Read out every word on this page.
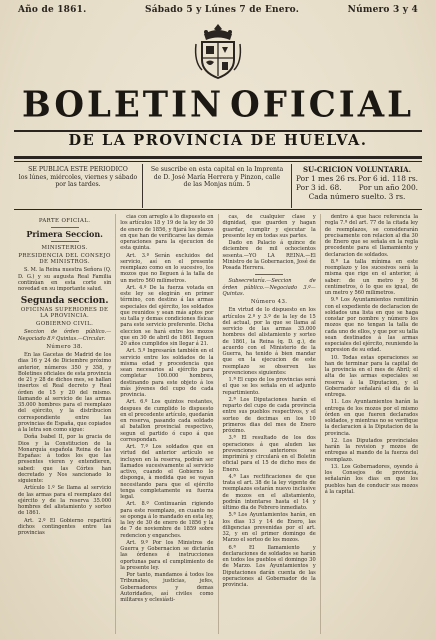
Año de 1861.	Sábado 5 y Lúnes 7 de Enero.	Número 3 y 4
BOLETIN OFICIAL
DE LA PROVINCIA DE HUELVA.
SE PUBLICA ESTE PERIODICO
los lúnes, miércoles, viernes y sábado
por las tardes.
Se suscribe en esta capital en la Imprenta
de D. José María Herrera y Pinzon, calle
de las Monjas núm. 5
SU-CRICION VOLUNTARIA.
Por 1 mes 26 rs. Por 6 id. 118 rs.
Por 3 id. 68. Por un año 200.
Cada número suelto. 3 rs.
PARTE OFICIAL.
Primera Seccion.
MINISTERIOS.
PRESIDENCIA DEL CONSEJO DE MINISTROS.

S. M. la Reina nuestra Señora (Q. D. G.) y su augusta Real Familia continúan en esta corte sin novedad en su importante salud.

Segunda seccion.
OFICINAS SUPERIORES DE LA PROVINCIA.
GOBIERNO CIVIL.

Seccion de órden público.—Negociado 8.º Quintas.—Circular.

Número 38.

En las Gacetas de Madrid de los dias 16 y 24 de Diciembre próximo anterior, números 350 y 358, y Boletines oficiales de esta provincia de 21 y 28 de dichos mes, se hallan insertos el Real decreto y Real órden de 15 y 20 del mismo. llamando al servicio de las armas 35.000 hombres para el reemplazo del ejército, y la distribucion correspondiente entre las provincias de España, que copiados à la letra son como sigue:

Doña Isabel II, por la gracia de Dios y la Constitucion de la Monarquía española Reina de las Españas: á todos los que las presentes vieren y entendieren, sabed: que las Córtes han decretado y Nos sancionado lo siguiente:

Artículo 1.º Se llama al servicio de las armas para el reemplazo del ejército y de la reserva 35.000 hombres del alistamiento y sorteo de 1861.

Art. 2.º El Gobierno repartirá dichos contingentes entre las provincias

cias con arreglo á lo dispuesto en los artículos 18 y 19 de la ley de 30 de enero de 1856, y fijará los plazos en que han de verificarse las demás operaciones para la ejecucion de esta quinta.

Art. 3.º Serán excluidos del servicio, así en el presente reemplazo como en lo sucesivo, los mozos que no lleguen á la talla de un metro 560 milímetros.

Art. 4.º De la fuerza votada en este ley se elegirán en primer término, con destino á las armas especiales del ejército, los soldados que reunidos y sean más aptos por su talla y demas condiciones físicas para este servicio preferente. Dicha eleccion se hará entre los mozos que en 30 de abril de 1861 lleguen 20 años cumplidos sin llegar á 21.

Art. 5.º Ingresarán también en el servicio entre los soldados de la misma edad y procedencia que sean necesarios al ejército para completar 100.000 hombres, destinando para este objeto á los más jóvenes del cupo de cada provincia.

Art. 6.º Los quintos restantes, despues de cumplido lo dispuesto en el precedente artículo, quedarán en reserva, pasando cada soldado al batallon provincial respectivo, segun el partido ó cupo á que correspondan.

Art. 7.º Los soldados que en virtud del anterior artículo se incluyen en la reserva, podrán ser llamados sucesivamente al servicio activo, cuando el Gobierno lo disponga, à medida que se vayan necesitando para que el ejército tenga completamente su fuerza legal.

Art. 8.º Continuarán rigiendo para este reemplazo, en cuanto no se oponga á lo mandado en esta ley, la ley de 30 de enero de 1856 y la de 7 de noviembre de 1859 sobre redencion y enganches.

Art. 9.º Por los Ministros de Guerra y Gobernacion se dictarán las órdenes é instrucciones oportunas para el cumplimiento de la presente ley.

Por tanto, mandamos á todos los Tribunales, justicias, jefes, Gobernadores y demas Autoridades, así civiles como militares y eclesiásti-

cas, de cualquier clase y dignidad, que guarden y hagan guardar, cumplir y ejecutar la presente ley en todas sus partes.

Dado en Palacio á quince de diciembre de mil ochocientos sesenta.—YO LA REINA.—El Ministro de la Gobernacion, José de Posada Herrera.

Subsecretaría.—Seccion de órden público.—Negociado 3.º—Quintas.

Número 43.

En virtud de lo dispuesto en los artículos 2.º y 3.º de la ley de 15 del actual, por la que se llama al servicio de las armas 35.000 hombres del alistamiento y sorteo de 1861, la Reina (q. D. g.), de acuerdo con el Ministerio de la Guerra, ha tenido á bien mandar que en la ejecucion de este reemplazo se observen las prevenciones siguientes:

1.ª El cupo de los provincias será el que se les señala en el adjunto repartimiento.

2.ª Los Diputaciones harán el reparto del cupo de cada provincia entre sus pueblos respectivos, y el sorteo de decimas en los 10 primeros dias del mes de Enero próximo.

3.ª El resultado de los dos operaciones á que aluden las prevenciones anteriores se imprimirá y circulará en el Boletin oficial para el 15 de dicho mes de Enero.

4.ª Las rectificaciones de que trata el art. 38 de la ley vigente de reemplazos estarán nuevo inclusive de mozos en el alistamiento, podrán intentarse hasta el 14 y último dia de Febrero inmediato.

5.ª Los Ayuntamientos harán, en los dias 13 y 14 de Enero, las diligencias prevenidas por el art. 32, y en el primer domingo de Marzo el sorteo de los mozos.

6.ª El llamamiento y declaraciones de soldados se harán en todos los pueblos el domingo 30 de Marzo. Los Ayuntamientos y Diputaciones darán cuenta de las operaciones al Gobernador de la provincia.

dentro á que hace referencia la regla 7.ª del art. 77 de la citada ley de reemplazos, se considerarán precisamente con relacion al dia 30 de Enero que se señala en la regla precedente para el llamamiento y declaracion de soldados.

8.ª La talla mínima en este reemplazo y los sucesivos será la misma que rige en el anterior, á saber: de un metro y 56 centímetros, ó lo que es igual, de un metro y 560 milímetros.

9.ª Los Ayuntamientos remitirán con el expediente de declaracion de soldados una lista en que se haga constar por nombre y número los mozos que no tengan la talla de cada uno de ellos, y que por su talla sean destinados á las armas especiales del ejército, reuniendo la expresion de su edad.

10. Todas estas operaciones se han de terminar para la capital de la provincia en el mes de Abril; el alta de las armas especiales se reserva á la Diputacion, y el Gobernador señalará el dia de la entrega.

11. Los Ayuntamientos harán la entrega de los mozos por el mismo órden en que fueren declarados soldados, y mientras no se verifique la declaracion á la Diputacion de la provincia.

12. Los Diputados provinciales harán la revision y mozos de entregas al mando de la fuerza del reemplazo.

13. Los Gobernadores, oyendo á los Consejos de provincia, señalarán los dias en que los pueblos han de conducir sus mozos á la capital.
